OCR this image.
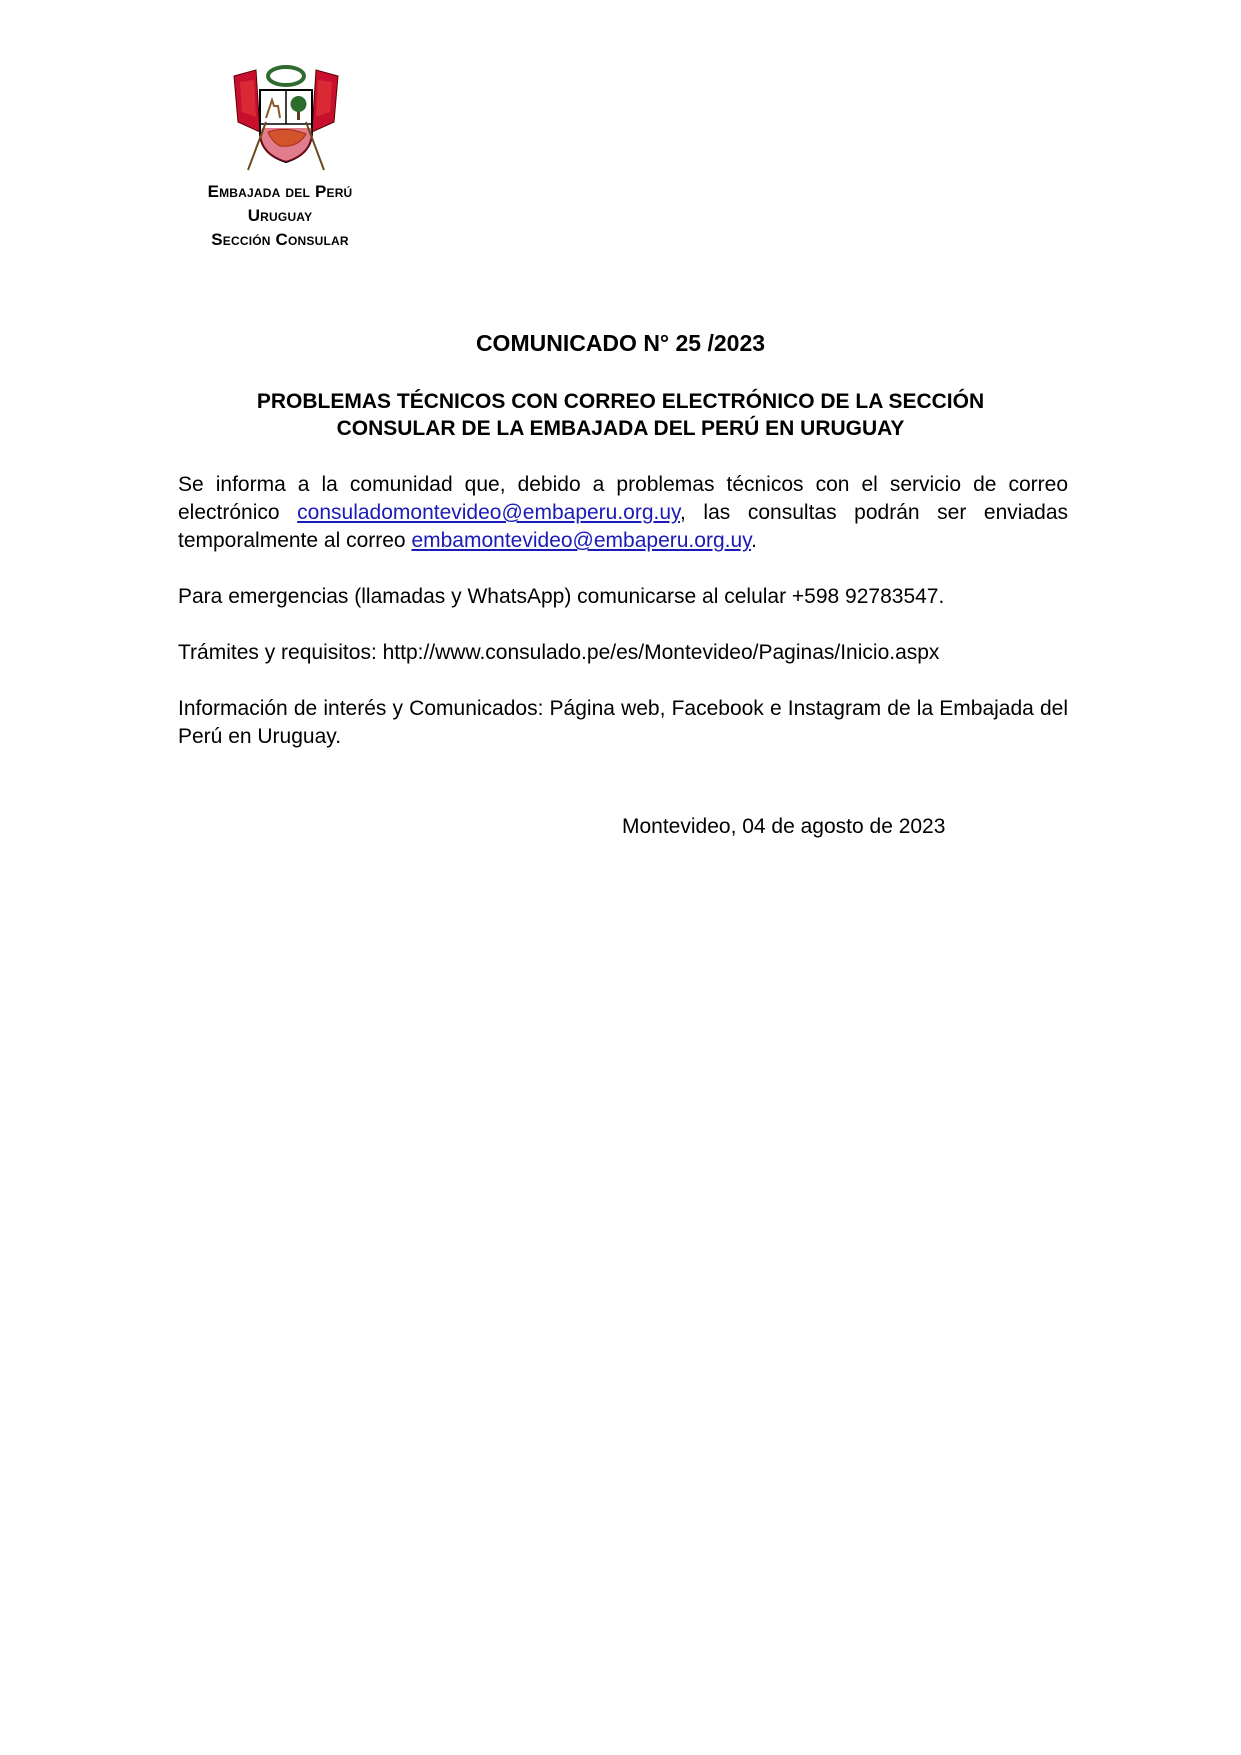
Embajada del Perú
Uruguay
Sección Consular
COMUNICADO N° 25 /2023
PROBLEMAS TÉCNICOS CON CORREO ELECTRÓNICO DE LA SECCIÓN
CONSULAR DE LA EMBAJADA DEL PERÚ EN URUGUAY

Se informa a la comunidad que, debido a problemas técnicos con el servicio de correo electrónico consuladomontevideo@embaperu.org.uy, las consultas podrán ser enviadas temporalmente al correo embamontevideo@embaperu.org.uy.

Para emergencias (llamadas y WhatsApp) comunicarse al celular +598 92783547.

Trámites y requisitos: http://www.consulado.pe/es/Montevideo/Paginas/Inicio.aspx

Información de interés y Comunicados: Página web, Facebook e Instagram de la Embajada del Perú en Uruguay.

Montevideo, 04 de agosto de 2023
